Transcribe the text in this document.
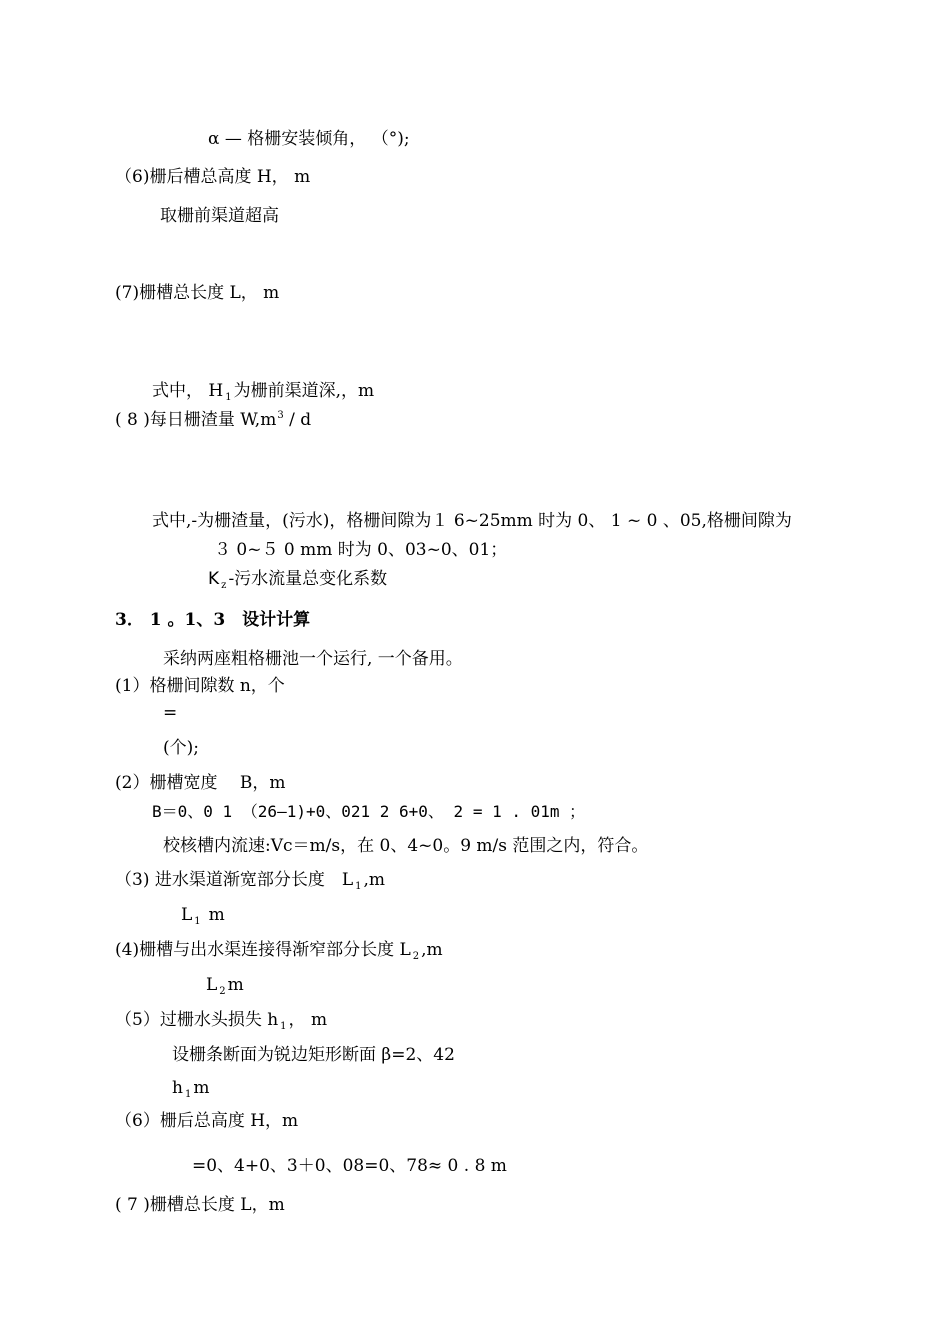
α — 格栅安装倾角， （°);
（6)栅后槽总高度 H， m
取栅前渠道超高
(7)栅槽总长度 L， m
式中， H $_1$ 为栅前渠道深,，m
( 8 )每日栅渣量 $W,m^3$ / d
式中,-为栅渣量，(污水)，格栅间隙为１ 6~25mm 时为 0、 1 ~ 0 、05,格栅间隙为
３ 0~５ 0 mm 时为 0、03~0、01；
K $_z$ -污水流量总变化系数
3． 1 。1、3　设计计算
采纳两座粗格栅池一个运行, 一个备用。
(1）格栅间隙数 n，个
=
(个);
(2）栅槽宽度　 B，m
B＝0、0 1 （26—1)+0、021 2 6+0、 2 = 1 . 01m ；
校核槽内流速:Vc＝m/s，在 0、4~0。9 m/s 范围之内，符合。
（3) 进水渠道渐宽部分长度　L $_1$ ,m
L $_1$ m
(4)栅槽与出水渠连接得渐窄部分长度 L $_2$ ,m
L $_2$ m
（5）过栅水头损失 h $_1$ ， m
设栅条断面为锐边矩形断面 β=2、42
h $_1$ m
（6）栅后总高度 H，m
=0、4+0、3＋0、08=0、78≈ 0 . 8 m
( 7 )栅槽总长度 L，m
